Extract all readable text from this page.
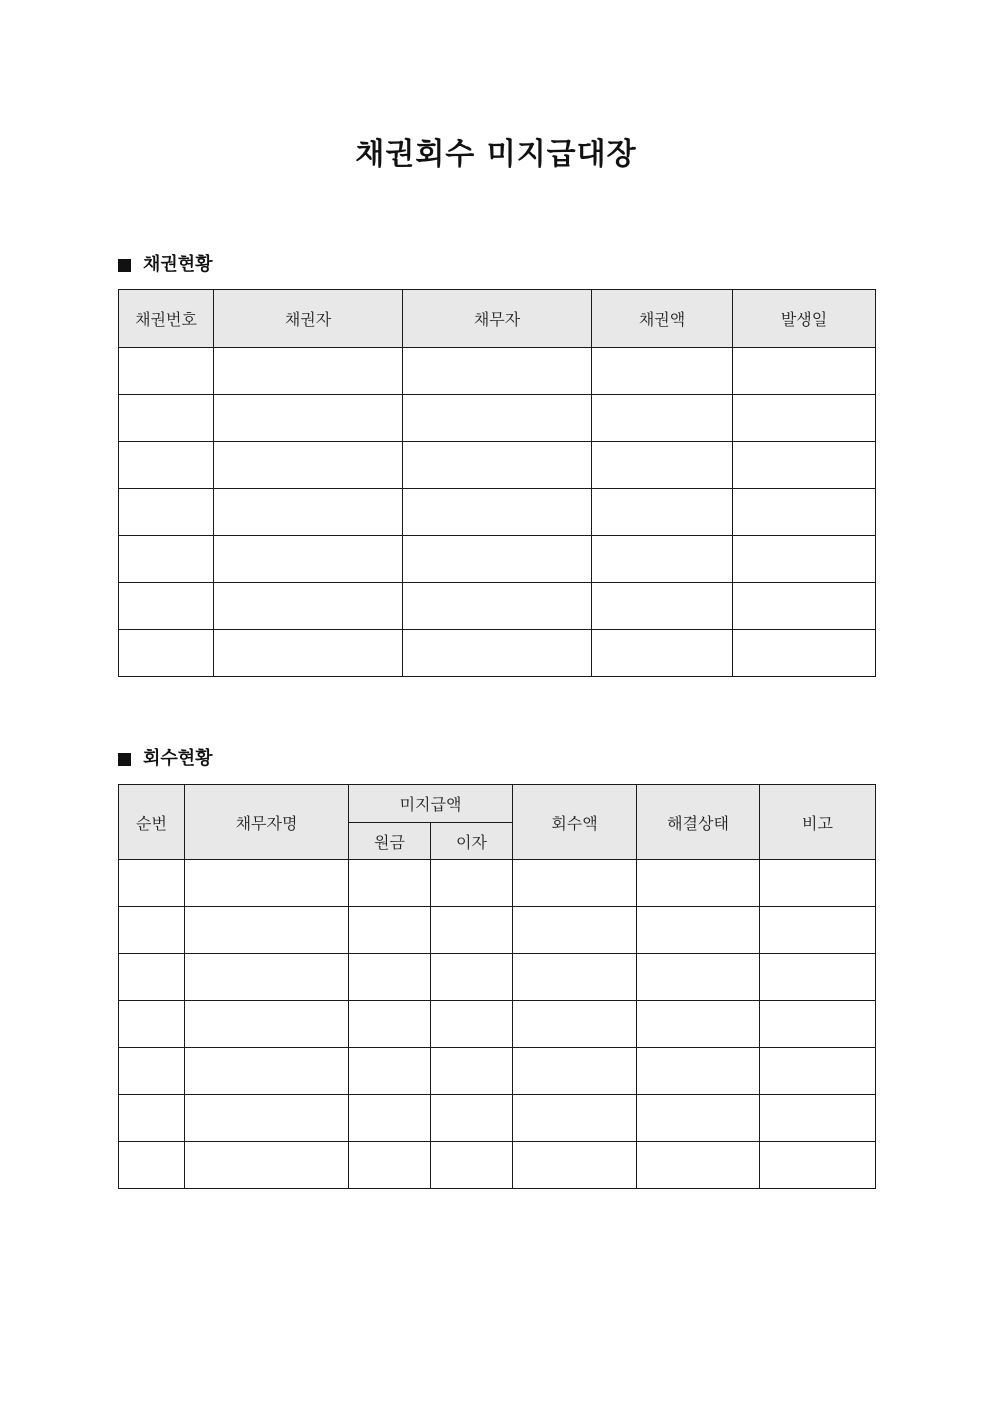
채권회수 미지급대장
채권현황
채권번호	채권자	채무자	채권액	발생일

회수현황
순번	채무자명	미지급액		회수액	해결상태	비고
		원금	이자			
